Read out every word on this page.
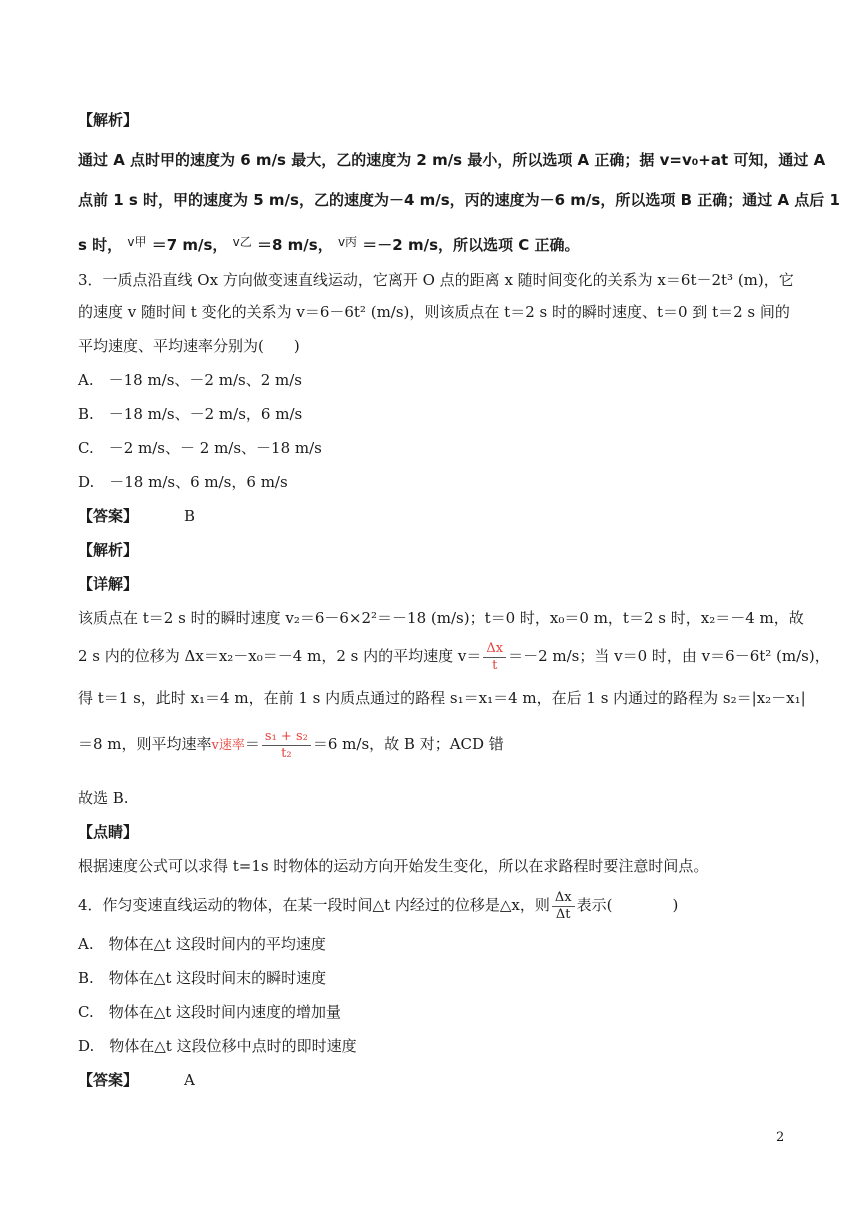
【解析】
通过 A 点时甲的速度为 6 m/s 最大，乙的速度为 2 m/s 最小，所以选项 A 正确；据 v=v₀+at 可知，通过 A
点前 1 s 时，甲的速度为 5 m/s，乙的速度为－4 m/s，丙的速度为－6 m/s，所以选项 B 正确；通过 A 点后 1
s 时， $^{v甲}$ ＝7 m/s， $^{v乙}$ ＝8 m/s， $^{v丙}$ ＝－2 m/s，所以选项 C 正确。
3．一质点沿直线 Ox 方向做变速直线运动，它离开 O 点的距离 x 随时间变化的关系为 x＝6t－2t³ (m)，它
的速度 v 随时间 t 变化的关系为 v＝6－6t² (m/s)，则该质点在 t＝2 s 时的瞬时速度、t＝0 到 t＝2 s 间的
平均速度、平均速率分别为(　　)
A.　－18 m/s、－2 m/s、2 m/s
B.　－18 m/s、－2 m/s，6 m/s
C.　－2 m/s、－ 2 m/s、－18 m/s
D.　－18 m/s、6 m/s，6 m/s
【答案】	B
【解析】
【详解】
该质点在 t＝2 s 时的瞬时速度 v₂＝6－6×2²＝－18 (m/s)；t＝0 时，x₀＝0 m，t＝2 s 时，x₂＝－4 m，故
2 s 内的位移为 Δx＝x₂－x₀＝－4 m，2 s 内的平均速度 $v= \frac{\Delta x}{t} =-2$ m/s；当 v＝0 时，由 v＝6－6t² (m/s)，
得 t＝1 s，此时 x₁＝4 m，在前 1 s 内质点通过的路程 s₁＝x₁＝4 m，在后 1 s 内通过的路程为 s₂＝|x₂－x₁|
＝8 m，则平均速率v速率＝ $\frac{\text{s₁ + s₂}}{\text{t₂}} =6$ m/s，故 B 对；ACD 错
故选 B.
【点睛】
根据速度公式可以求得 t=1s 时物体的运动方向开始发生变化，所以在求路程时要注意时间点。
4．作匀变速直线运动的物体，在某一段时间△t 内经过的位移是△x，则 $\frac{\Delta x}{\Delta t}$ 表示(　　　　)
A.　物体在△t 这段时间内的平均速度
B.　物体在△t 这段时间末的瞬时速度
C.　物体在△t 这段时间内速度的增加量
D.　物体在△t 这段位移中点时的即时速度
【答案】	A
2
